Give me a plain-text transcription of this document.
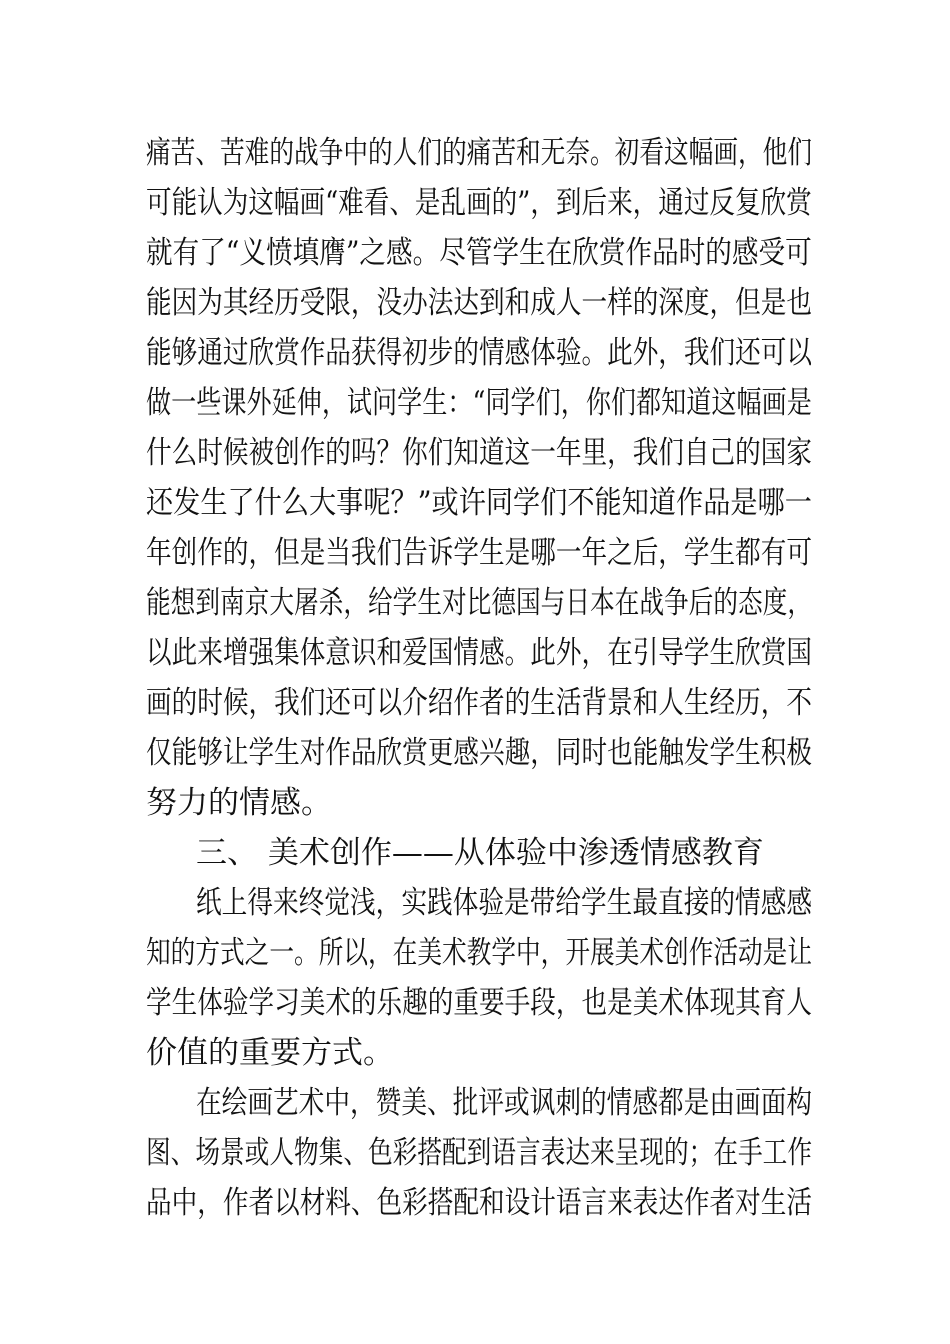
痛苦、苦难的战争中的人们的痛苦和无奈。初看这幅画，他们

可能认为这幅画“难看、是乱画的”，到后来，通过反复欣赏

就有了“义愤填膺”之感。尽管学生在欣赏作品时的感受可

能因为其经历受限，没办法达到和成人一样的深度，但是也

能够通过欣赏作品获得初步的情感体验。此外，我们还可以

做一些课外延伸，试问学生：“同学们，你们都知道这幅画是

什么时候被创作的吗？你们知道这一年里，我们自己的国家

还发生了什么大事呢？”或许同学们不能知道作品是哪一

年创作的，但是当我们告诉学生是哪一年之后，学生都有可

能想到南京大屠杀，给学生对比德国与日本在战争后的态度，

以此来增强集体意识和爱国情感。此外，在引导学生欣赏国

画的时候，我们还可以介绍作者的生活背景和人生经历，不

仅能够让学生对作品欣赏更感兴趣，同时也能触发学生积极

努力的情感。

三、 美术创作——从体验中渗透情感教育

纸上得来终觉浅，实践体验是带给学生最直接的情感感

知的方式之一。所以，在美术教学中，开展美术创作活动是让

学生体验学习美术的乐趣的重要手段，也是美术体现其育人

价值的重要方式。

在绘画艺术中，赞美、批评或讽刺的情感都是由画面构

图、场景或人物集、色彩搭配到语言表达来呈现的；在手工作

品中，作者以材料、色彩搭配和设计语言来表达作者对生活
